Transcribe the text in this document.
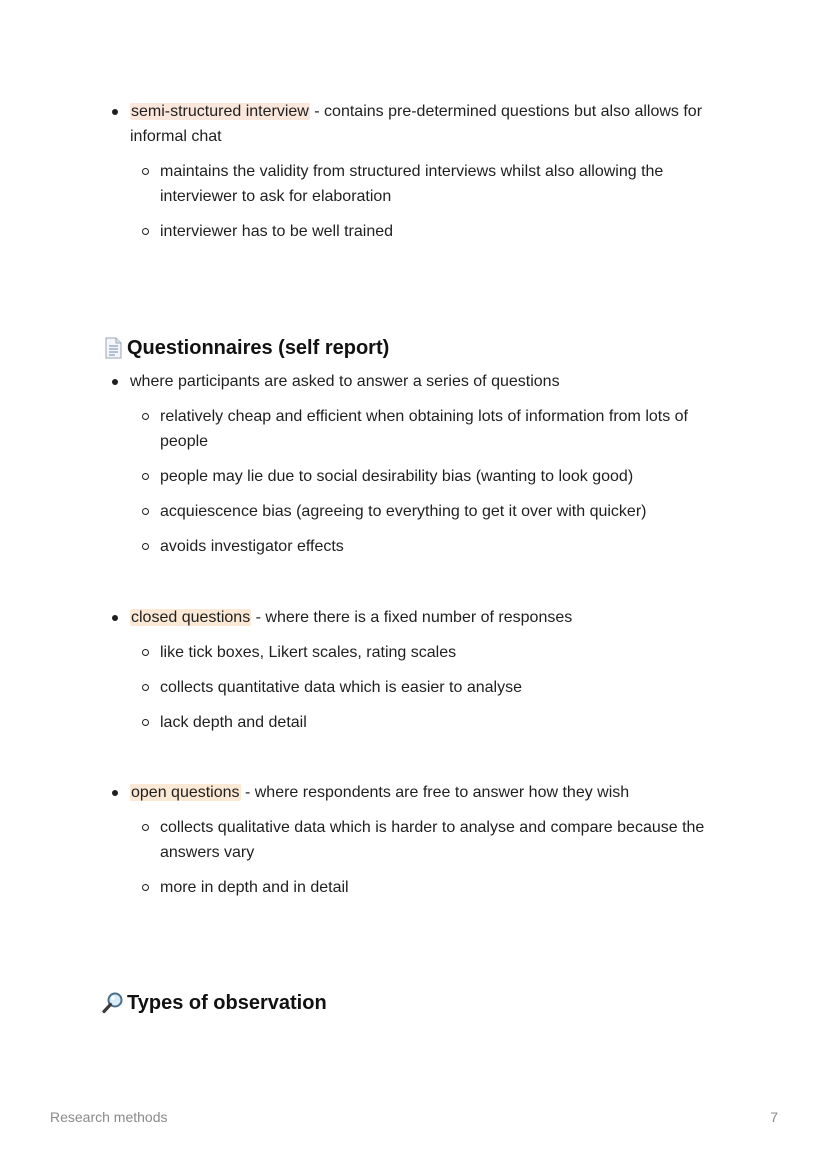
semi-structured interview - contains pre-determined questions but also allows for informal chat
maintains the validity from structured interviews whilst also allowing the interviewer to ask for elaboration
interviewer has to be well trained
Questionnaires (self report)
where participants are asked to answer a series of questions
relatively cheap and efficient when obtaining lots of information from lots of people
people may lie due to social desirability bias (wanting to look good)
acquiescence bias (agreeing to everything to get it over with quicker)
avoids investigator effects
closed questions - where there is a fixed number of responses
like tick boxes, Likert scales, rating scales
collects quantitative data which is easier to analyse
lack depth and detail
open questions - where respondents are free to answer how they wish
collects qualitative data which is harder to analyse and compare because the answers vary
more in depth and in detail
Types of observation
Research methods	7
